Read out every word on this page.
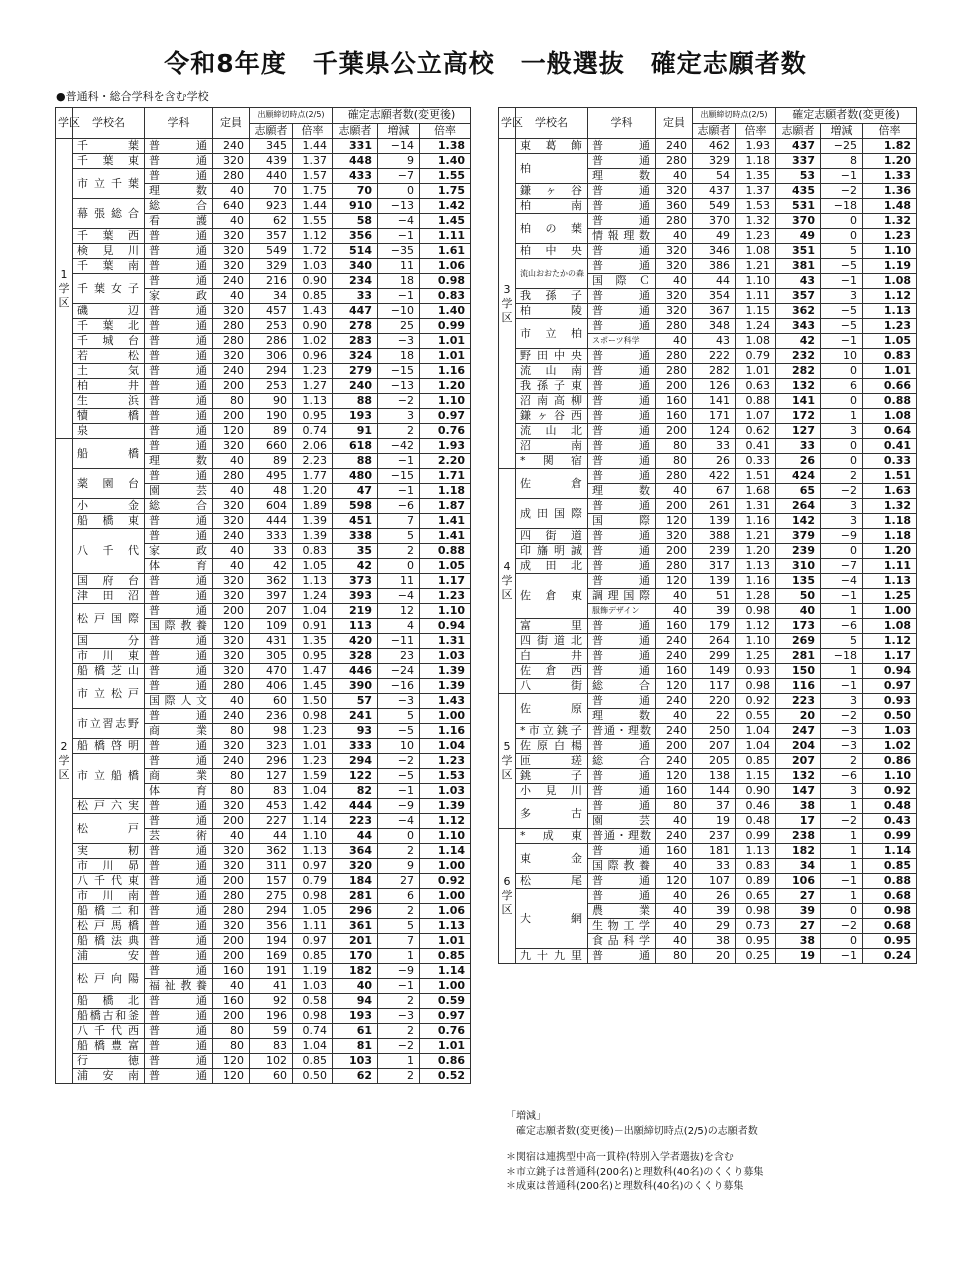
令和8年度　千葉県公立高校　一般選抜　確定志願者数
●普通科・総合学科を含む学校
学区	学校名	学科	定員	出願締切時点(2/5)		確定志願者数(変更後)		
				志願者	倍率	志願者	増減	倍率
1 学 区	千葉	普通	240	345	1.44	331	−14	1.38
	千葉東	普通	320	439	1.37	448	9	1.40
	市立千葉	普通	280	440	1.57	433	−7	1.55
		理数	40	70	1.75	70	0	1.75
	幕張総合	総合	640	923	1.44	910	−13	1.42
		看護	40	62	1.55	58	−4	1.45
	千葉西	普通	320	357	1.12	356	−1	1.11
	検見川	普通	320	549	1.72	514	−35	1.61
	千葉南	普通	320	329	1.03	340	11	1.06
	千葉女子	普通	240	216	0.90	234	18	0.98
		家政	40	34	0.85	33	−1	0.83
	磯辺	普通	320	457	1.43	447	−10	1.40
	千葉北	普通	280	253	0.90	278	25	0.99
	千城台	普通	280	286	1.02	283	−3	1.01
	若松	普通	320	306	0.96	324	18	1.01
	土気	普通	240	294	1.23	279	−15	1.16
	柏井	普通	200	253	1.27	240	−13	1.20
	生浜	普通	80	90	1.13	88	−2	1.10
	犢橋	普通	200	190	0.95	193	3	0.97
	泉	普通	120	89	0.74	91	2	0.76
2 学 区	船橋	普通	320	660	2.06	618	−42	1.93
		理数	40	89	2.23	88	−1	2.20
	薬園台	普通	280	495	1.77	480	−15	1.71
		園芸	40	48	1.20	47	−1	1.18
	小金	総合	320	604	1.89	598	−6	1.87
	船橋東	普通	320	444	1.39	451	7	1.41
	八千代	普通	240	333	1.39	338	5	1.41
		家政	40	33	0.83	35	2	0.88
		体育	40	42	1.05	42	0	1.05
	国府台	普通	320	362	1.13	373	11	1.17
	津田沼	普通	320	397	1.24	393	−4	1.23
	松戸国際	普通	200	207	1.04	219	12	1.10
		国際教養	120	109	0.91	113	4	0.94
	国分	普通	320	431	1.35	420	−11	1.31
	市川東	普通	320	305	0.95	328	23	1.03
	船橋芝山	普通	320	470	1.47	446	−24	1.39
	市立松戸	普通	280	406	1.45	390	−16	1.39
		国際人文	40	60	1.50	57	−3	1.43
	市立習志野	普通	240	236	0.98	241	5	1.00
		商業	80	98	1.23	93	−5	1.16
	船橋啓明	普通	320	323	1.01	333	10	1.04
	市立船橋	普通	240	296	1.23	294	−2	1.23
		商業	80	127	1.59	122	−5	1.53
		体育	80	83	1.04	82	−1	1.03
	松戸六実	普通	320	453	1.42	444	−9	1.39
	松戸	普通	200	227	1.14	223	−4	1.12
		芸術	40	44	1.10	44	0	1.10
	実籾	普通	320	362	1.13	364	2	1.14
	市川昴	普通	320	311	0.97	320	9	1.00
	八千代東	普通	200	157	0.79	184	27	0.92
	市川南	普通	280	275	0.98	281	6	1.00
	船橋二和	普通	280	294	1.05	296	2	1.06
	松戸馬橋	普通	320	356	1.11	361	5	1.13
	船橋法典	普通	200	194	0.97	201	7	1.01
	浦安	普通	200	169	0.85	170	1	0.85
	松戸向陽	普通	160	191	1.19	182	−9	1.14
		福祉教養	40	41	1.03	40	−1	1.00
	船橋北	普通	160	92	0.58	94	2	0.59
	船橋古和釜	普通	200	196	0.98	193	−3	0.97
	八千代西	普通	80	59	0.74	61	2	0.76
	船橋豊富	普通	80	83	1.04	81	−2	1.01
	行徳	普通	120	102	0.85	103	1	0.86
	浦安南	普通	120	60	0.50	62	2	0.52
学区	学校名	学科	定員	出願締切時点(2/5)		確定志願者数(変更後)		
				志願者	倍率	志願者	増減	倍率
3 学 区	東葛飾	普通	240	462	1.93	437	−25	1.82
	柏	普通	280	329	1.18	337	8	1.20
		理数	40	54	1.35	53	−1	1.33
	鎌ヶ谷	普通	320	437	1.37	435	−2	1.36
	柏南	普通	360	549	1.53	531	−18	1.48
	柏の葉	普通	280	370	1.32	370	0	1.32
		情報理数	40	49	1.23	49	0	1.23
	柏中央	普通	320	346	1.08	351	5	1.10
	流山おおたかの森	普通	320	386	1.21	381	−5	1.19
		国際Ｃ	40	44	1.10	43	−1	1.08
	我孫子	普通	320	354	1.11	357	3	1.12
	柏陵	普通	320	367	1.15	362	−5	1.13
	市立柏	普通	280	348	1.24	343	−5	1.23
		スポーツ科学	40	43	1.08	42	−1	1.05
	野田中央	普通	280	222	0.79	232	10	0.83
	流山南	普通	280	282	1.01	282	0	1.01
	我孫子東	普通	200	126	0.63	132	6	0.66
	沼南高柳	普通	160	141	0.88	141	0	0.88
	鎌ヶ谷西	普通	160	171	1.07	172	1	1.08
	流山北	普通	200	124	0.62	127	3	0.64
	沼南	普通	80	33	0.41	33	0	0.41
	*関宿	普通	80	26	0.33	26	0	0.33
4 学 区	佐倉	普通	280	422	1.51	424	2	1.51
		理数	40	67	1.68	65	−2	1.63
	成田国際	普通	200	261	1.31	264	3	1.32
		国際	120	139	1.16	142	3	1.18
	四街道	普通	320	388	1.21	379	−9	1.18
	印旛明誠	普通	200	239	1.20	239	0	1.20
	成田北	普通	280	317	1.13	310	−7	1.11
	佐倉東	普通	120	139	1.16	135	−4	1.13
		調理国際	40	51	1.28	50	−1	1.25
		服飾デザイン	40	39	0.98	40	1	1.00
	富里	普通	160	179	1.12	173	−6	1.08
	四街道北	普通	240	264	1.10	269	5	1.12
	白井	普通	240	299	1.25	281	−18	1.17
	佐倉西	普通	160	149	0.93	150	1	0.94
	八街	総合	120	117	0.98	116	−1	0.97
5 学 区	佐原	普通	240	220	0.92	223	3	0.93
		理数	40	22	0.55	20	−2	0.50
	*市立銚子	普通・理数	240	250	1.04	247	−3	1.03
	佐原白楊	普通	200	207	1.04	204	−3	1.02
	匝瑳	総合	240	205	0.85	207	2	0.86
	銚子	普通	120	138	1.15	132	−6	1.10
	小見川	普通	160	144	0.90	147	3	0.92
	多古	普通	80	37	0.46	38	1	0.48
		園芸	40	19	0.48	17	−2	0.43
6 学 区	*成東	普通・理数	240	237	0.99	238	1	0.99
	東金	普通	160	181	1.13	182	1	1.14
		国際教養	40	33	0.83	34	1	0.85
	松尾	普通	120	107	0.89	106	−1	0.88
	大網	普通	40	26	0.65	27	1	0.68
		農業	40	39	0.98	39	0	0.98
		生物工学	40	29	0.73	27	−2	0.68
		食品科学	40	38	0.95	38	0	0.95
	九十九里	普通	80	20	0.25	19	−1	0.24
「増減」
確定志願者数(変更後)－出願締切時点(2/5)の志願者数
＊関宿は連携型中高一貫枠(特別入学者選抜)を含む
＊市立銚子は普通科(200名)と理数科(40名)のくくり募集
＊成東は普通科(200名)と理数科(40名)のくくり募集
